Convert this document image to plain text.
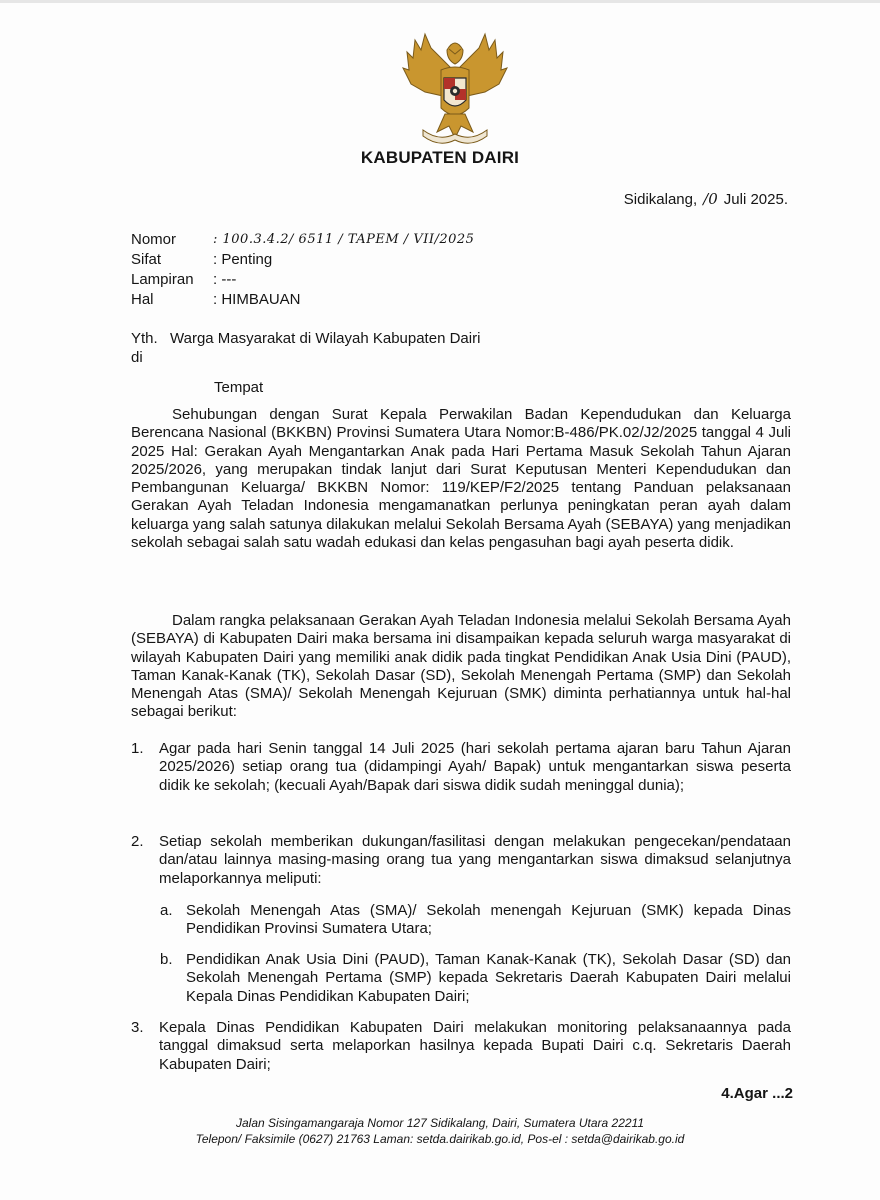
KABUPATEN DAIRI
Sidikalang, /0 Juli 2025.
Nomor	: 100.3.4.2/ 6511 / TAPEM / VII/2025
Sifat	: Penting
Lampiran	: ---
Hal	: HIMBAUAN
Yth. Warga Masyarakat di Wilayah Kabupaten Dairi
di
Tempat
Sehubungan dengan Surat Kepala Perwakilan Badan Kependudukan dan Keluarga Berencana Nasional (BKKBN) Provinsi Sumatera Utara Nomor:B-486/PK.02/J2/2025 tanggal 4 Juli 2025 Hal: Gerakan Ayah Mengantarkan Anak pada Hari Pertama Masuk Sekolah Tahun Ajaran 2025/2026, yang merupakan tindak lanjut dari Surat Keputusan Menteri Kependudukan dan Pembangunan Keluarga/ BKKBN Nomor: 119/KEP/F2/2025 tentang Panduan pelaksanaan Gerakan Ayah Teladan Indonesia mengamanatkan perlunya peningkatan peran ayah dalam keluarga yang salah satunya dilakukan melalui Sekolah Bersama Ayah (SEBAYA) yang menjadikan sekolah sebagai salah satu wadah edukasi dan kelas pengasuhan bagi ayah peserta didik.
Dalam rangka pelaksanaan Gerakan Ayah Teladan Indonesia melalui Sekolah Bersama Ayah (SEBAYA) di Kabupaten Dairi maka bersama ini disampaikan kepada seluruh warga masyarakat di wilayah Kabupaten Dairi yang memiliki anak didik pada tingkat Pendidikan Anak Usia Dini (PAUD), Taman Kanak-Kanak (TK), Sekolah Dasar (SD), Sekolah Menengah Pertama (SMP) dan Sekolah Menengah Atas (SMA)/ Sekolah Menengah Kejuruan (SMK) diminta perhatiannya untuk hal-hal sebagai berikut:
1.	Agar pada hari Senin tanggal 14 Juli 2025 (hari sekolah pertama ajaran baru Tahun Ajaran 2025/2026) setiap orang tua (didampingi Ayah/ Bapak) untuk mengantarkan siswa peserta didik ke sekolah; (kecuali Ayah/Bapak dari siswa didik sudah meninggal dunia);
2.	Setiap sekolah memberikan dukungan/fasilitasi dengan melakukan pengecekan/pendataan dan/atau lainnya masing-masing orang tua yang mengantarkan siswa dimaksud selanjutnya melaporkannya meliputi:
a. Sekolah Menengah Atas (SMA)/ Sekolah menengah Kejuruan (SMK) kepada Dinas Pendidikan Provinsi Sumatera Utara;
b. Pendidikan Anak Usia Dini (PAUD), Taman Kanak-Kanak (TK), Sekolah Dasar (SD) dan Sekolah Menengah Pertama (SMP) kepada Sekretaris Daerah Kabupaten Dairi melalui Kepala Dinas Pendidikan Kabupaten Dairi;
3.	Kepala Dinas Pendidikan Kabupaten Dairi melakukan monitoring pelaksanaannya pada tanggal dimaksud serta melaporkan hasilnya kepada Bupati Dairi c.q. Sekretaris Daerah Kabupaten Dairi;
4.Agar ...2
Jalan Sisingamangaraja Nomor 127 Sidikalang, Dairi, Sumatera Utara 22211
Telepon/ Faksimile (0627) 21763 Laman: setda.dairikab.go.id, Pos-el : setda@dairikab.go.id
